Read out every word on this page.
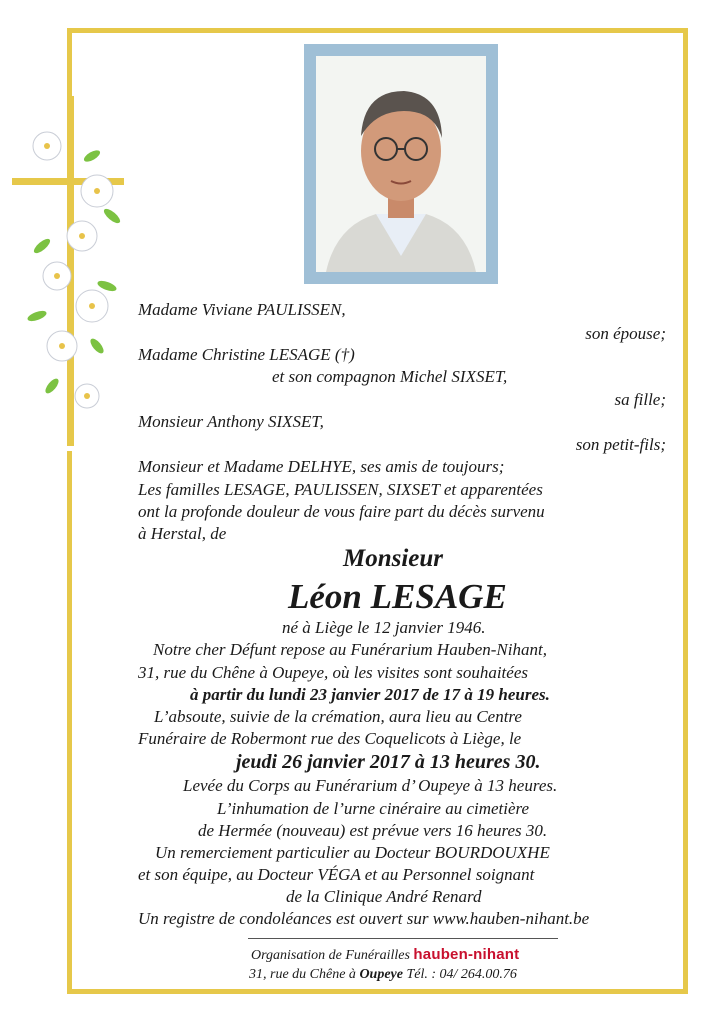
Madame Viviane PAULISSEN,
son épouse;
Madame Christine LESAGE (†)
et son compagnon Michel SIXSET,
sa fille;
Monsieur Anthony SIXSET,
son petit-fils;
Monsieur et Madame DELHYE, ses amis de toujours;
Les familles LESAGE, PAULISSEN, SIXSET et apparentées
ont la profonde douleur de vous faire part du décès survenu
à Herstal, de
Monsieur
Léon LESAGE
né à Liège le 12 janvier 1946.
Notre cher Défunt repose au Funérarium Hauben-Nihant,
31, rue du Chêne à Oupeye, où les visites sont souhaitées
à partir du lundi 23 janvier 2017 de 17 à 19 heures.
L’absoute, suivie de la crémation, aura lieu au Centre
Funéraire de Robermont rue des Coquelicots à Liège, le
jeudi 26 janvier 2017 à 13 heures 30.
Levée du Corps au Funérarium d’ Oupeye à 13 heures.
L’inhumation de l’urne cinéraire au cimetière
de Hermée (nouveau) est prévue vers 16 heures 30.
Un remerciement particulier au Docteur BOURDOUXHE
et son équipe, au Docteur VÉGA et au Personnel soignant
de la Clinique André Renard
Un registre de condoléances est ouvert sur www.hauben-nihant.be
Organisation de Funérailles hauben-nihant
31, rue du Chêne à Oupeye Tél. : 04/ 264.00.76
